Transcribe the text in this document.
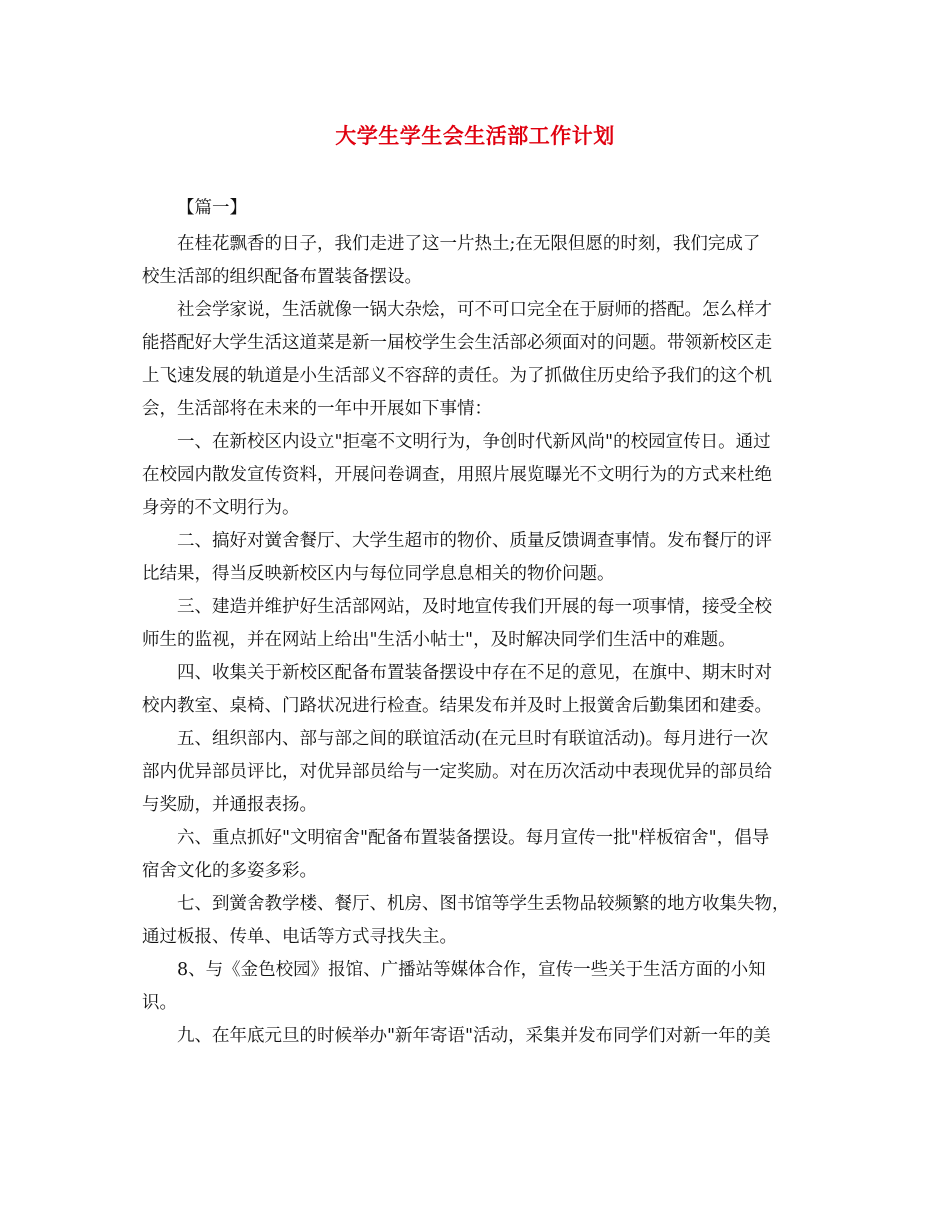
大学生学生会生活部工作计划

【篇一】

在桂花飘香的日子，我们走进了这一片热土;在无限但愿的时刻，我们完成了
校生活部的组织配备布置装备摆设。

社会学家说，生活就像一锅大杂烩，可不可口完全在于厨师的搭配。怎么样才
能搭配好大学生活这道菜是新一届校学生会生活部必须面对的问题。带领新校区走
上飞速发展的轨道是小生活部义不容辞的责任。为了抓做住历史给予我们的这个机
会，生活部将在未来的一年中开展如下事情：

一、在新校区内设立"拒毫不文明行为，争创时代新风尚"的校园宣传日。通过
在校园内散发宣传资料，开展问卷调查，用照片展览曝光不文明行为的方式来杜绝
身旁的不文明行为。

二、搞好对黉舍餐厅、大学生超市的物价、质量反馈调查事情。发布餐厅的评
比结果，得当反映新校区内与每位同学息息相关的物价问题。

三、建造并维护好生活部网站，及时地宣传我们开展的每一项事情，接受全校
师生的监视，并在网站上给出"生活小帖士"，及时解决同学们生活中的难题。

四、收集关于新校区配备布置装备摆设中存在不足的意见，在旗中、期末时对
校内教室、桌椅、门路状况进行检查。结果发布并及时上报黉舍后勤集团和建委。

五、组织部内、部与部之间的联谊活动(在元旦时有联谊活动)。每月进行一次
部内优异部员评比，对优异部员给与一定奖励。对在历次活动中表现优异的部员给
与奖励，并通报表扬。

六、重点抓好"文明宿舍"配备布置装备摆设。每月宣传一批"样板宿舍"，倡导
宿舍文化的多姿多彩。

七、到黉舍教学楼、餐厅、机房、图书馆等学生丢物品较频繁的地方收集失物，
通过板报、传单、电话等方式寻找失主。

8、与《金色校园》报馆、广播站等媒体合作，宣传一些关于生活方面的小知
识。

九、在年底元旦的时候举办"新年寄语"活动，采集并发布同学们对新一年的美
